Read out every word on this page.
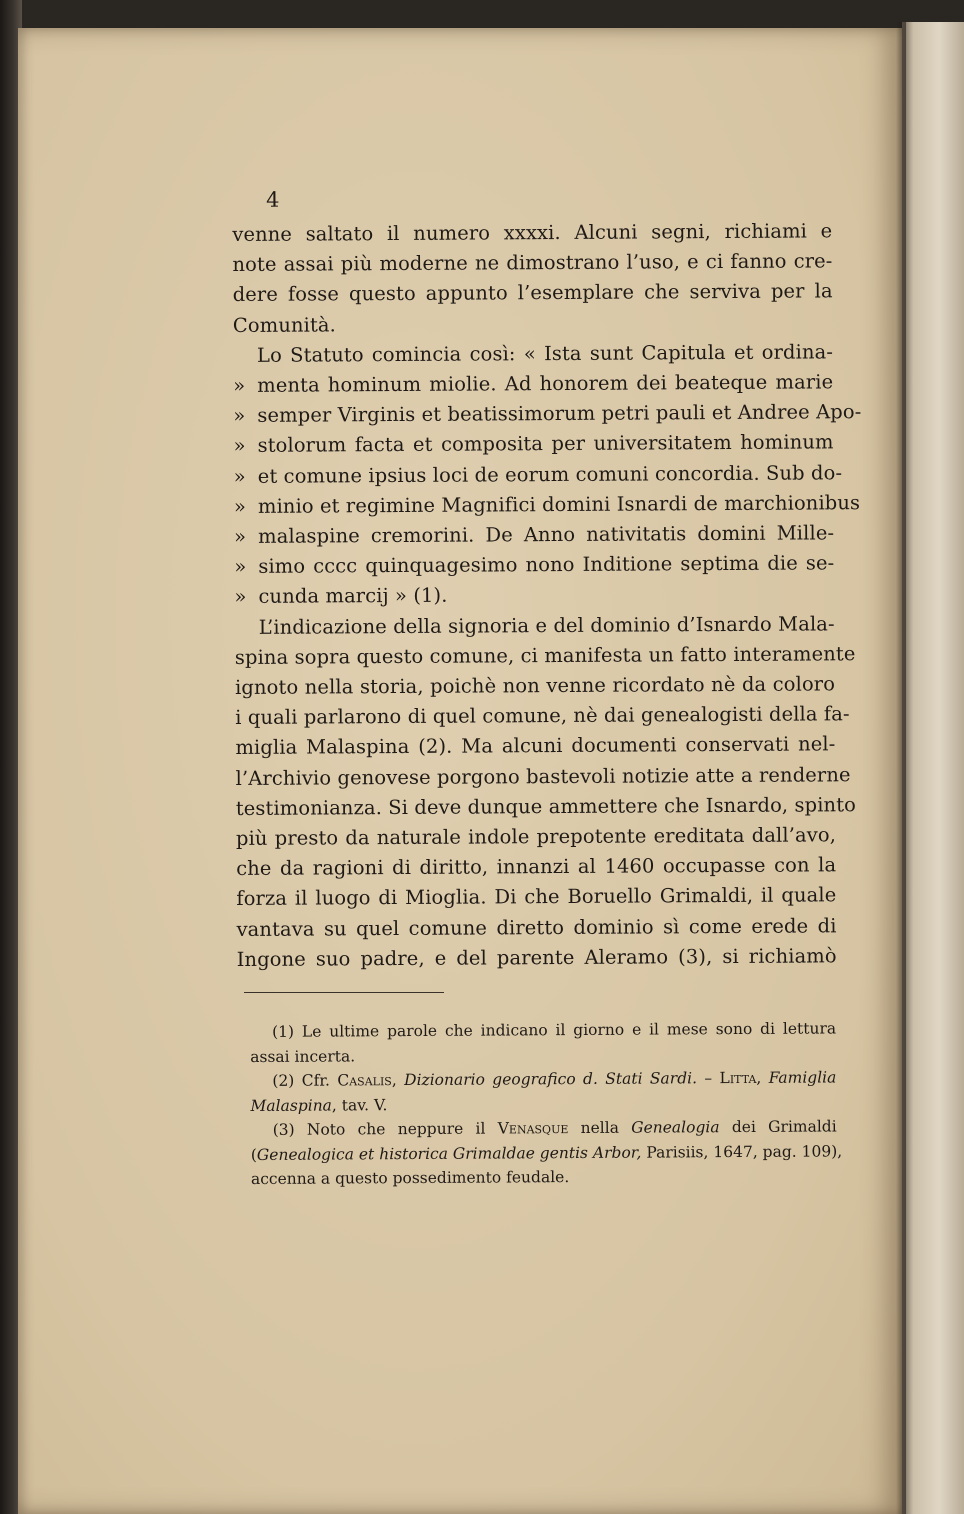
4
venne saltato il numero xxxxi. Alcuni segni, richiami e
note assai più moderne ne dimostrano l’uso, e ci fanno cre-
dere fosse questo appunto l’esemplare che serviva per la
Comunità.
Lo Statuto comincia così: « Ista sunt Capitula et ordina-
» menta hominum miolie. Ad honorem dei beateque marie
» semper Virginis et beatissimorum petri pauli et Andree Apo-
» stolorum facta et composita per universitatem hominum
» et comune ipsius loci de eorum comuni concordia. Sub do-
» minio et regimine Magnifici domini Isnardi de marchionibus
» malaspine cremorini. De Anno nativitatis domini Mille-
» simo cccc quinquagesimo nono Inditione septima die se-
» cunda marcij » (1).
L’indicazione della signoria e del dominio d’Isnardo Mala-
spina sopra questo comune, ci manifesta un fatto interamente
ignoto nella storia, poichè non venne ricordato nè da coloro
i quali parlarono di quel comune, nè dai genealogisti della fa-
miglia Malaspina (2). Ma alcuni documenti conservati nel-
l’Archivio genovese porgono bastevoli notizie atte a renderne
testimonianza. Si deve dunque ammettere che Isnardo, spinto
più presto da naturale indole prepotente ereditata dall’avo,
che da ragioni di diritto, innanzi al 1460 occupasse con la
forza il luogo di Mioglia. Di che Boruello Grimaldi, il quale
vantava su quel comune diretto dominio sì come erede di
Ingone suo padre, e del parente Aleramo (3), si richiamò
(1) Le ultime parole che indicano il giorno e il mese sono di lettura
assai incerta.
(2) Cfr. Casalis, Dizionario geografico d. Stati Sardi. – Litta, Famiglia
Malaspina, tav. V.
(3) Noto che neppure il Venasque nella Genealogia dei Grimaldi
(Genealogica et historica Grimaldae gentis Arbor, Parisiis, 1647, pag. 109),
accenna a questo possedimento feudale.
